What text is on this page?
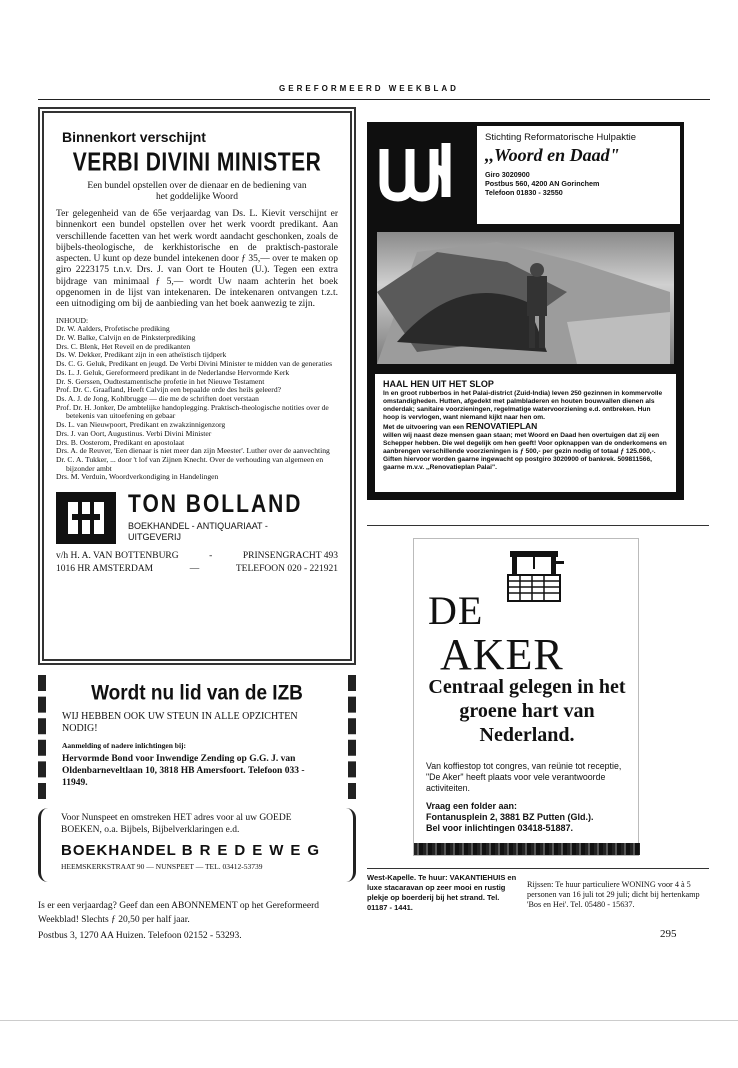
GEREFORMEERD WEEKBLAD
Binnenkort verschijnt
VERBI DIVINI MINISTER
Een bundel opstellen over de dienaar en de bediening van het goddelijke Woord
Ter gelegenheid van de 65e verjaardag van Ds. L. Kievit verschijnt er binnenkort een bundel opstellen over het werk voordt predikant. Aan verschillende facetten van het werk wordt aandacht geschonken, zoals de bijbels-theologische, de kerkhistorische en de praktisch-pastorale aspecten. U kunt op deze bundel intekenen door ƒ 35,— over te maken op giro 2223175 t.n.v. Drs. J. van Oort te Houten (U.). Tegen een extra bijdrage van minimaal ƒ 5,— wordt Uw naam achterin het boek opgenomen in de lijst van intekenaren. De intekenaren ontvangen t.z.t. een uitnodiging om bij de aanbieding van het boek aanwezig te zijn.
INHOUD:
Dr. W. Aalders, Profetische prediking
Dr. W. Balke, Calvijn en de Pinksterprediking
Drs. C. Blenk, Het Reveil en de predikanten
Ds. W. Dekker, Predikant zijn in een atheïstisch tijdperk
Ds. C. G. Geluk, Predikant en jeugd. De Verbi Divini Minister te midden van de generaties
Ds. L. J. Geluk, Gereformeerd predikant in de Nederlandse Hervormde Kerk
Dr. S. Gerssen, Oudtestamentische profetie in het Nieuwe Testament
Prof. Dr. C. Graafland, Heeft Calvijn een bepaalde orde des heils geleerd?
Ds. A. J. de Jong, Kohlbrugge — die me de schriften doet verstaan
Prof. Dr. H. Jonker, De ambtelijke handoplegging. Praktisch-theologische notities over de betekenis van uitoefening en gebaar
Ds. L. van Nieuwpoort, Predikant en zwakzinnigenzorg
Drs. J. van Oort, Augustinus. Verbi Divini Minister
Drs. B. Oosterom, Predikant en apostolaat
Drs. A. de Reuver, 'Een dienaar is niet meer dan zijn Meester'. Luther over de aanvechting
Dr. C. A. Tukker, ... door 't lof van Zijnen Knecht. Over de verhouding van algemeen en bijzonder ambt
Drs. M. Verduin, Woordverkondiging in Handelingen
TON BOLLAND
BOEKHANDEL - ANTIQUARIAAT -
UITGEVERIJ
v/h H. A. VAN BOTTENBURG	-	PRINSENGRACHT 493
1016 HR AMSTERDAM	—	TELEFOON 020 - 221921
Wordt nu lid van de IZB
WIJ HEBBEN OOK UW STEUN IN ALLE OPZICHTEN NODIG!
Aanmelding of nadere inlichtingen bij:
Hervormde Bond voor Inwendige Zending op G.G. J. van Oldenbarneveltlaan 10, 3818 HB Amersfoort. Telefoon 033 - 11949.
Voor Nunspeet en omstreken HET adres voor al uw GOEDE BOEKEN, o.a. Bijbels, Bijbelverklaringen e.d.
BOEKHANDEL BREDEWEG
HEEMSKERKSTRAAT 90 — NUNSPEET — TEL. 03412-53739
Is er een verjaardag? Geef dan een ABONNEMENT op het Gereformeerd Weekblad! Slechts ƒ 20,50 per half jaar.
Postbus 3, 1270 AA Huizen. Telefoon 02152 - 53293.
Stichting Reformatorische Hulpaktie
,,Woord en Daad"
Giro 3020900
Postbus 560, 4200 AN Gorinchem
Telefoon 01830 - 32550
HAAL HEN UIT HET SLOP
In en groot rubberbos in het Palai-district (Zuid-India) leven 250 gezinnen in kommervolle omstandigheden. Hutten, afgedekt met palmbladeren en houten bouwvallen dienen als onderdak; sanitaire voorzieningen, regelmatige watervoorziening e.d. ontbreken. Hun hoop is vervlogen, want niemand kijkt naar hen om.
Met de uitvoering van een RENOVATIEPLAN
willen wij naast deze mensen gaan staan; met Woord en Daad hen overtuigen dat zij een Schepper hebben. Die wel degelijk om hen geeft! Voor opknappen van de onderkomens en aanbrengen verschillende voorzieningen is ƒ 500,- per gezin nodig of totaal ƒ 125.000,-.
Giften hiervoor worden gaarne ingewacht op postgiro 3020900 of bankrek. 509811566, gaarne m.v.v. ,,Renovatieplan Palai".
DE
AKER
Centraal gelegen in het groene hart van Nederland.
Van koffiestop tot congres, van reünie tot receptie, "De Aker" heeft plaats voor vele verantwoorde activiteiten.
Vraag een folder aan:
Fontanusplein 2, 3881 BZ Putten (Gld.).
Bel voor inlichtingen 03418-51887.
West-Kapelle. Te huur: VAKANTIEHUIS en luxe stacaravan op zeer mooi en rustig plekje op boerderij bij het strand. Tel. 01187 - 1441.
Rijssen: Te huur particuliere WONING voor 4 à 5 personen van 16 juli tot 29 juli; dicht bij hertenkamp 'Bos en Hei'. Tel. 05480 - 15637.
295
